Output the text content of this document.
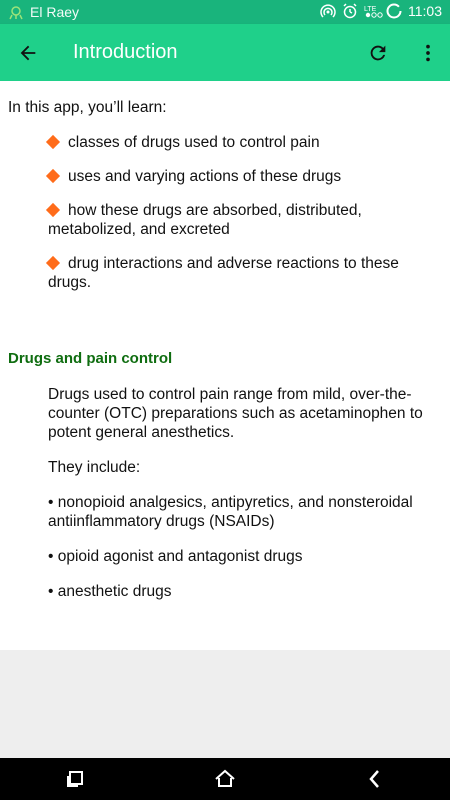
El Raey	LTE 11:03
Introduction
In this app, you’ll learn:
classes of drugs used to control pain
uses and varying actions of these drugs
how these drugs are absorbed, distributed, metabolized, and excreted
drug interactions and adverse reactions to these drugs.
Drugs and pain control

Drugs used to control pain range from mild, over-the-counter (OTC) preparations such as acetaminophen to potent general anesthetics.

They include:

• nonopioid analgesics, antipyretics, and nonsteroidal antiinflammatory drugs (NSAIDs)

• opioid agonist and antagonist drugs

• anesthetic drugs
